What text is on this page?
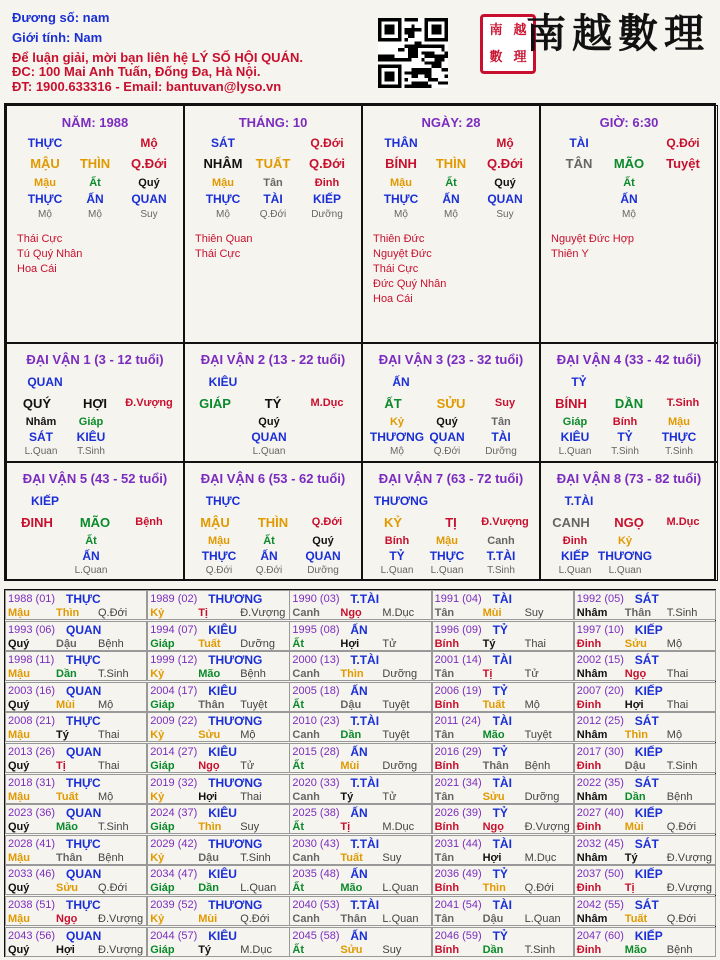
Đương số: nam
Giới tính: Nam
Để luận giải, mời bạn liên hệ LÝ SỐ HỘI QUÁN.
ĐC: 100 Mai Anh Tuấn, Đống Đa, Hà Nội.
ĐT: 1900.633316 - Email: bantuvan@lyso.vn
南 越
數 理 南越數理
NĂM: 1988
THỰC	Mộ
MẬU THÌN Q.Đới
Mậu	Ất	Quý
THỰC ẤN QUAN
Mộ	Mộ	Suy
Thái Cực
Tú Quý Nhân
Hoa Cái
THÁNG: 10
SÁT	Q.Đới
NHÂM TUẤT Q.Đới
Mậu	Tân	Đinh
THỰC TÀI	KIẾP
Mộ	Q.Đới Dưỡng
Thiên Quan
Thái Cực
NGÀY: 28
THÂN	Mộ
BÍNH THÌN Q.Đới
Mậu	Ất	Quý
THỰC ẤN QUAN
Mộ	Mộ	Suy
Thiên Đức
Nguyệt Đức
Thái Cực
Đức Quý Nhân
Hoa Cái
GIỜ: 6:30
TÀI	Q.Đới
TÂN MÃO Tuyệt
Ất
ẤN
Mộ
Nguyệt Đức Hợp
Thiên Y
ĐẠI VẬN 1 (3 - 12 tuổi)
QUAN
QUÝ HỢI Đ.Vượng
Nhâm Giáp
SÁT KIÊU
L.Quan T.Sinh
ĐẠI VẬN 2 (13 - 22 tuổi)
KIÊU
GIÁP	TÝ	M.Dục
Quý
QUAN
L.Quan
ĐẠI VẬN 3 (23 - 32 tuổi)
ẤN
ẤT	SỬU	Suy
Kỷ	Quý	Tân
THƯƠNG QUAN TÀI
Mộ	Q.Đới Dưỡng
ĐẠI VẬN 4 (33 - 42 tuổi)
TỶ
BÍNH DẦN T.Sinh
Giáp Bính	Mậu
KIÊU TỶ THỰC
L.Quan T.Sinh	T.Sinh
ĐẠI VẬN 5 (43 - 52 tuổi)
KIẾP
ĐINH MÃO Bệnh
Ất
ẤN
L.Quan
ĐẠI VẬN 6 (53 - 62 tuổi)
THỰC
MẬU THÌN Q.Đới
Mậu	Ất	Quý
THỰC ẤN QUAN
Q.Đới Q.Đới Dưỡng
ĐẠI VẬN 7 (63 - 72 tuổi)
THƯƠNG
KỶ	TỊ Đ.Vượng
Bính Mậu	Canh
TỶ THỰC T.TÀI
L.Quan L.Quan T.Sinh
ĐẠI VẬN 8 (73 - 82 tuổi)
T.TÀI
CANH NGỌ M.Dục
Đinh	Kỷ
KIẾP THƯƠNG
L.Quan L.Quan
1988 (01) THỰC
Mậu Thìn Q.Đới
1989 (02) THƯƠNG
Kỷ	Tị	Đ.Vượng
1990 (03) T.TÀI
Canh Ngọ M.Dục
1991 (04) TÀI
Tân	Mùi Suy
1992 (05) SÁT
Nhâm Thân T.Sinh
1993 (06) QUAN
Quý Dậu Bệnh
1994 (07) KIÊU
Giáp Tuất Dưỡng
1995 (08) ẤN
Ất	Hợi Tử
1996 (09) TỶ
Bính Tý	Thai
1997 (10) KIẾP
Đinh Sửu Mộ
1998 (11) THỰC
Mậu Dần T.Sinh
1999 (12) THƯƠNG
Kỷ	Mão Bệnh
2000 (13) T.TÀI
Canh Thìn Dưỡng
2001 (14) TÀI
Tân	Tị	Tử
2002 (15) SÁT
Nhâm Ngọ Thai
2003 (16) QUAN
Quý Mùi Mộ
2004 (17) KIÊU
Giáp Thân Tuyệt
2005 (18) ẤN
Ất	Dậu Tuyệt
2006 (19) TỶ
Bính Tuất Mộ
2007 (20) KIẾP
Đinh Hợi Thai
2008 (21) THỰC
Mậu Tý	Thai
2009 (22) THƯƠNG
Kỷ	Sửu Mộ
2010 (23) T.TÀI
Canh Dần Tuyệt
2011 (24) TÀI
Tân	Mão Tuyệt
2012 (25) SÁT
Nhâm Thìn Mộ
2013 (26) QUAN
Quý Tị	Thai
2014 (27) KIÊU
Giáp Ngọ Tử
2015 (28) ẤN
Ất	Mùi Dưỡng
2016 (29) TỶ
Bính Thân Bệnh
2017 (30) KIẾP
Đinh Dậu T.Sinh
2018 (31) THỰC
Mậu Tuất Mộ
2019 (32) THƯƠNG
Kỷ	Hợi Thai
2020 (33) T.TÀI
Canh Tý	Tử
2021 (34) TÀI
Tân	Sửu Dưỡng
2022 (35) SÁT
Nhâm Dần Bệnh
2023 (36) QUAN
Quý Mão T.Sinh
2024 (37) KIÊU
Giáp Thìn Suy
2025 (38) ẤN
Ất	Tị	M.Dục
2026 (39) TỶ
Bính Ngọ Đ.Vượng
2027 (40) KIẾP
Đinh Mùi Q.Đới
2028 (41) THỰC
Mậu Thân Bệnh
2029 (42) THƯƠNG
Kỷ	Dậu T.Sinh
2030 (43) T.TÀI
Canh Tuất Suy
2031 (44) TÀI
Tân	Hợi M.Dục
2032 (45) SÁT
Nhâm Tý	Đ.Vượng
2033 (46) QUAN
Quý Sửu Q.Đới
2034 (47) KIÊU
Giáp Dần L.Quan
2035 (48) ẤN
Ất	Mão L.Quan
2036 (49) TỶ
Bính Thìn Q.Đới
2037 (50) KIẾP
Đinh Tị	Đ.Vượng
2038 (51) THỰC
Mậu Ngọ Đ.Vượng
2039 (52) THƯƠNG
Kỷ	Mùi Q.Đới
2040 (53) T.TÀI
Canh Thân L.Quan
2041 (54) TÀI
Tân	Dậu L.Quan
2042 (55) SÁT
Nhâm Tuất Q.Đới
2043 (56) QUAN
Quý Hợi Đ.Vượng
2044 (57) KIÊU
Giáp Tý	M.Dục
2045 (58) ẤN
Ất	Sửu Suy
2046 (59) TỶ
Bính Dần T.Sinh
2047 (60) KIẾP
Đinh Mão Bệnh
